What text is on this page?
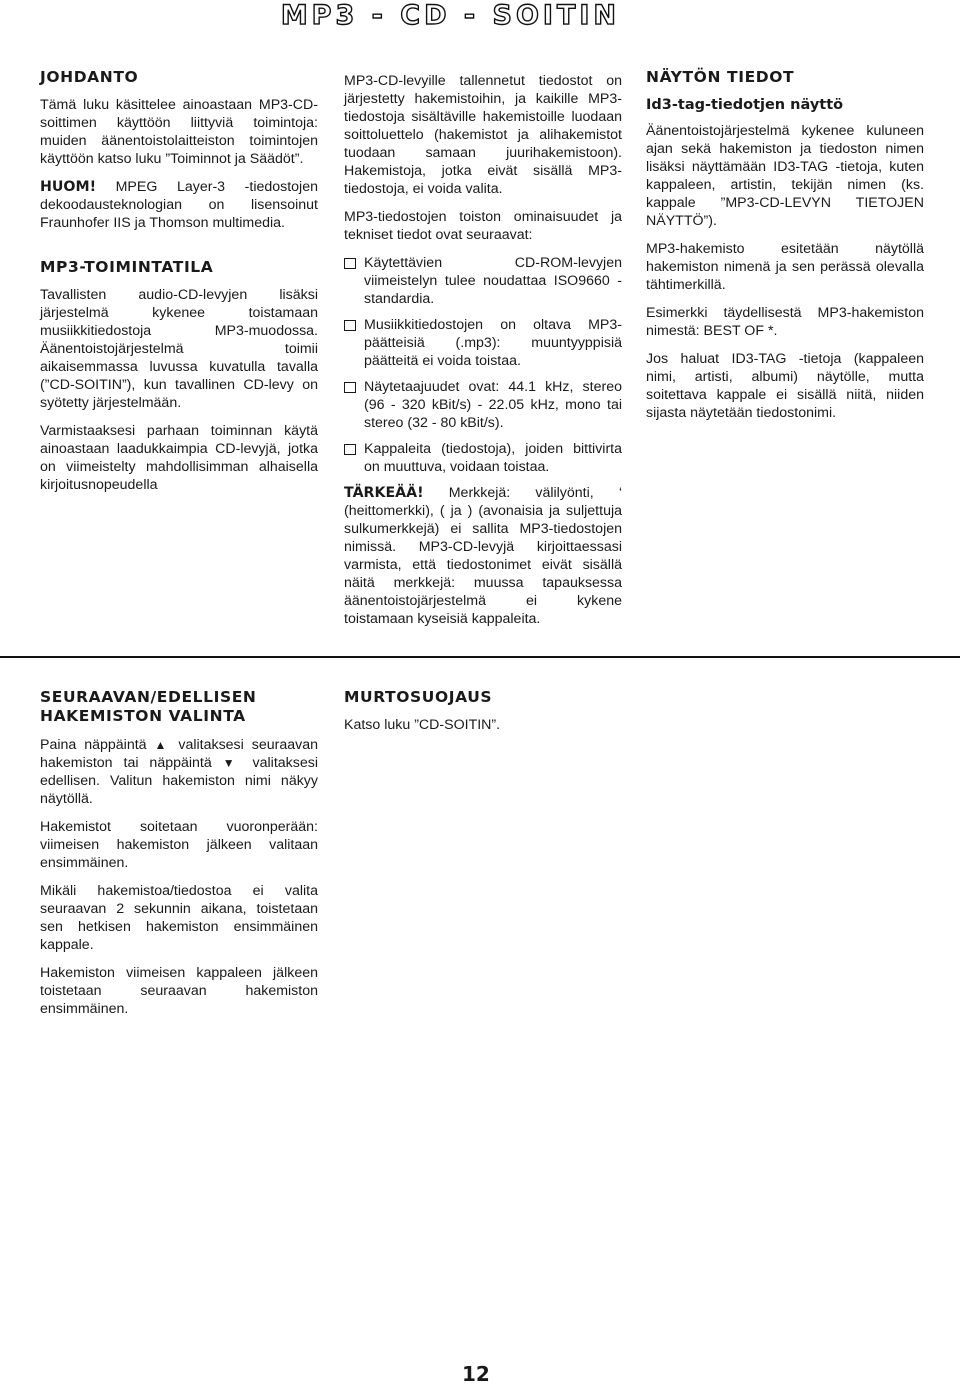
MP3 - CD - SOITIN
JOHDANTO

Tämä luku käsittelee ainoastaan MP3-CD-soittimen käyttöön liittyviä toimintoja: muiden äänentoistolaitteiston toimintojen käyttöön katso luku ”Toiminnot ja Säädöt”.

HUOM! MPEG Layer-3 -tiedostojen dekoodausteknologian on lisensoinut Fraunhofer IIS ja Thomson multimedia.

MP3-TOIMINTATILA

Tavallisten audio-CD-levyjen lisäksi järjestelmä kykenee toistamaan musiikkitiedostoja MP3-muodossa. Äänentoistojärjestelmä toimii aikaisemmassa luvussa kuvatulla tavalla (”CD-SOITIN”), kun tavallinen CD-levy on syötetty järjestelmään.

Varmistaaksesi parhaan toiminnan käytä ainoastaan laadukkaimpia CD-levyjä, jotka on viimeistelty mahdollisimman alhaisella kirjoitusnopeudella

MP3-CD-levyille tallennetut tiedostot on järjestetty hakemistoihin, ja kaikille MP3-tiedostoja sisältäville hakemistoille luodaan soittoluettelo (hakemistot ja alihakemistot tuodaan samaan juurihakemistoon). Hakemistoja, jotka eivät sisällä MP3-tiedostoja, ei voida valita.

MP3-tiedostojen toiston ominaisuudet ja tekniset tiedot ovat seuraavat:

Käytettävien CD-ROM-levyjen viimeistelyn tulee noudattaa ISO9660 -standardia.
Musiikkitiedostojen on oltava MP3-päätteisiä (.mp3): muuntyyppisiä päätteitä ei voida toistaa.
Näytetaajuudet ovat: 44.1 kHz, stereo (96 - 320 kBit/s) - 22.05 kHz, mono tai stereo (32 - 80 kBit/s).
Kappaleita (tiedostoja), joiden bittivirta on muuttuva, voidaan toistaa.

TÄRKEÄÄ! Merkkejä: välilyönti, ‘ (heittomerkki), ( ja ) (avonaisia ja suljettuja sulkumerkkejä) ei sallita MP3-tiedostojen nimissä. MP3-CD-levyjä kirjoittaessasi varmista, että tiedostonimet eivät sisällä näitä merkkejä: muussa tapauksessa äänentoistojärjestelmä ei kykene toistamaan kyseisiä kappaleita.

NÄYTÖN TIEDOT
Id3-tag-tiedotjen näyttö

Äänentoistojärjestelmä kykenee kuluneen ajan sekä hakemiston ja tiedoston nimen lisäksi näyttämään ID3-TAG -tietoja, kuten kappaleen, artistin, tekijän nimen (ks. kappale ”MP3-CD-LEVYN TIETOJEN NÄYTTÖ”).

MP3-hakemisto esitetään näytöllä hakemiston nimenä ja sen perässä olevalla tähtimerkillä.

Esimerkki täydellisestä MP3-hakemiston nimestä: BEST OF *.

Jos haluat ID3-TAG -tietoja (kappaleen nimi, artisti, albumi) näytölle, mutta soitettava kappale ei sisällä niitä, niiden sijasta näytetään tiedostonimi.

SEURAAVAN/EDELLISEN
HAKEMISTON VALINTA

Paina näppäintä ▲ valitaksesi seuraavan hakemiston tai näppäintä ▼ valitaksesi edellisen. Valitun hakemiston nimi näkyy näytöllä.

Hakemistot soitetaan vuoronperään: viimeisen hakemiston jälkeen valitaan ensimmäinen.

Mikäli hakemistoa/tiedostoa ei valita seuraavan 2 sekunnin aikana, toistetaan sen hetkisen hakemiston ensimmäinen kappale.

Hakemiston viimeisen kappaleen jälkeen toistetaan seuraavan hakemiston ensimmäinen.

MURTOSUOJAUS

Katso luku ”CD-SOITIN”.

12
